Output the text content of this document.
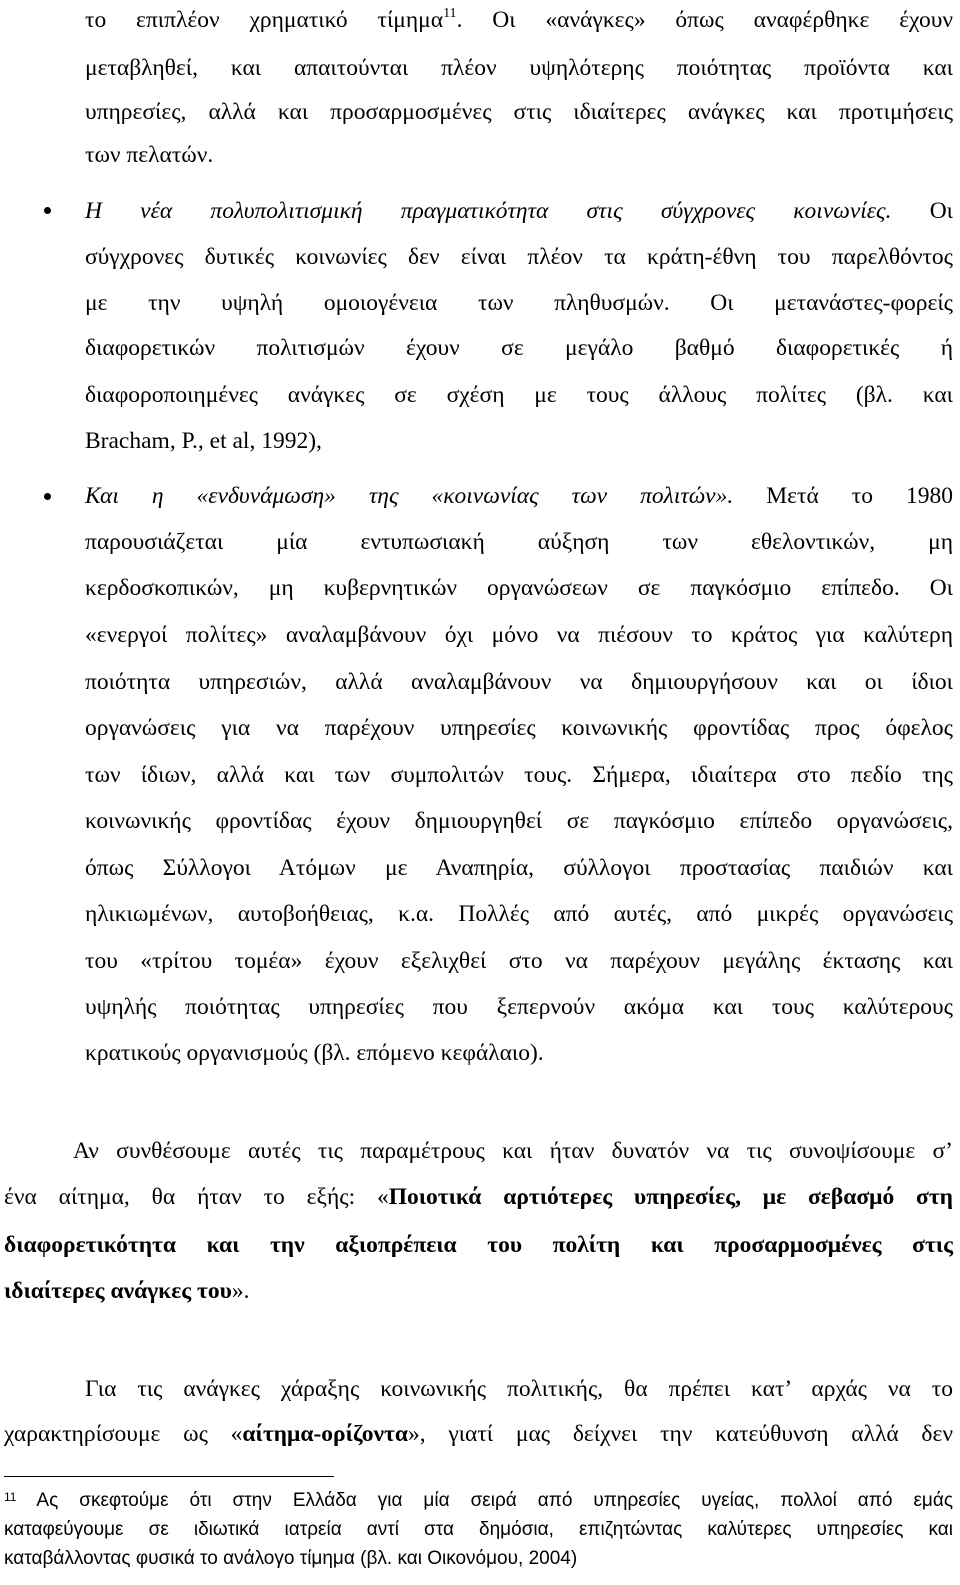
το επιπλέον χρηματικό τίμημα$^{11}$. Οι «ανάγκες» όπως αναφέρθηκε έχουν
μεταβληθεί, και απαιτούνται πλέον υψηλότερης ποιότητας προϊόντα και
υπηρεσίες, αλλά και προσαρμοσμένες στις ιδιαίτερες ανάγκες και προτιμήσεις
των πελατών.
Η νέα πολυπολιτισμική πραγματικότητα στις σύγχρονες κοινωνίες. Οι
σύγχρονες δυτικές κοινωνίες δεν είναι πλέον τα κράτη-έθνη του παρελθόντος
με την υψηλή ομοιογένεια των πληθυσμών. Οι μετανάστες-φορείς
διαφορετικών πολιτισμών έχουν σε μεγάλο βαθμό διαφορετικές ή
διαφοροποιημένες ανάγκες σε σχέση με τους άλλους πολίτες (βλ. και
Bracham, P., et al, 1992),
Και η «ενδυνάμωση» της «κοινωνίας των πολιτών». Μετά το 1980
παρουσιάζεται μία εντυπωσιακή αύξηση των εθελοντικών, μη
κερδοσκοπικών, μη κυβερνητικών οργανώσεων σε παγκόσμιο επίπεδο. Οι
«ενεργοί πολίτες» αναλαμβάνουν όχι μόνο να πιέσουν το κράτος για καλύτερη
ποιότητα υπηρεσιών, αλλά αναλαμβάνουν να δημιουργήσουν και οι ίδιοι
οργανώσεις για να παρέχουν υπηρεσίες κοινωνικής φροντίδας προς όφελος
των ίδιων, αλλά και των συμπολιτών τους. Σήμερα, ιδιαίτερα στο πεδίο της
κοινωνικής φροντίδας έχουν δημιουργηθεί σε παγκόσμιο επίπεδο οργανώσεις,
όπως Σύλλογοι Ατόμων με Αναπηρία, σύλλογοι προστασίας παιδιών και
ηλικιωμένων, αυτοβοήθειας, κ.α. Πολλές από αυτές, από μικρές οργανώσεις
του «τρίτου τομέα» έχουν εξελιχθεί στο να παρέχουν μεγάλης έκτασης και
υψηλής ποιότητας υπηρεσίες που ξεπερνούν ακόμα και τους καλύτερους
κρατικούς οργανισμούς (βλ. επόμενο κεφάλαιο).
Αν συνθέσουμε αυτές τις παραμέτρους και ήταν δυνατόν να τις συνοψίσουμε σ’
ένα αίτημα, θα ήταν το εξής: «Ποιοτικά αρτιότερες υπηρεσίες, με σεβασμό στη
διαφορετικότητα και την αξιοπρέπεια του πολίτη και προσαρμοσμένες στις
ιδιαίτερες ανάγκες του».
Για τις ανάγκες χάραξης κοινωνικής πολιτικής, θα πρέπει κατ’ αρχάς να το
χαρακτηρίσουμε ως «αίτημα-ορίζοντα», γιατί μας δείχνει την κατεύθυνση αλλά δεν
$^{11}$ Ας σκεφτούμε ότι στην Ελλάδα για μία σειρά από υπηρεσίες υγείας, πολλοί από εμάς
καταφεύγουμε σε ιδιωτικά ιατρεία αντί στα δημόσια, επιζητώντας καλύτερες υπηρεσίες και
καταβάλλοντας φυσικά το ανάλογο τίμημα (βλ. και Οικονόμου, 2004)
